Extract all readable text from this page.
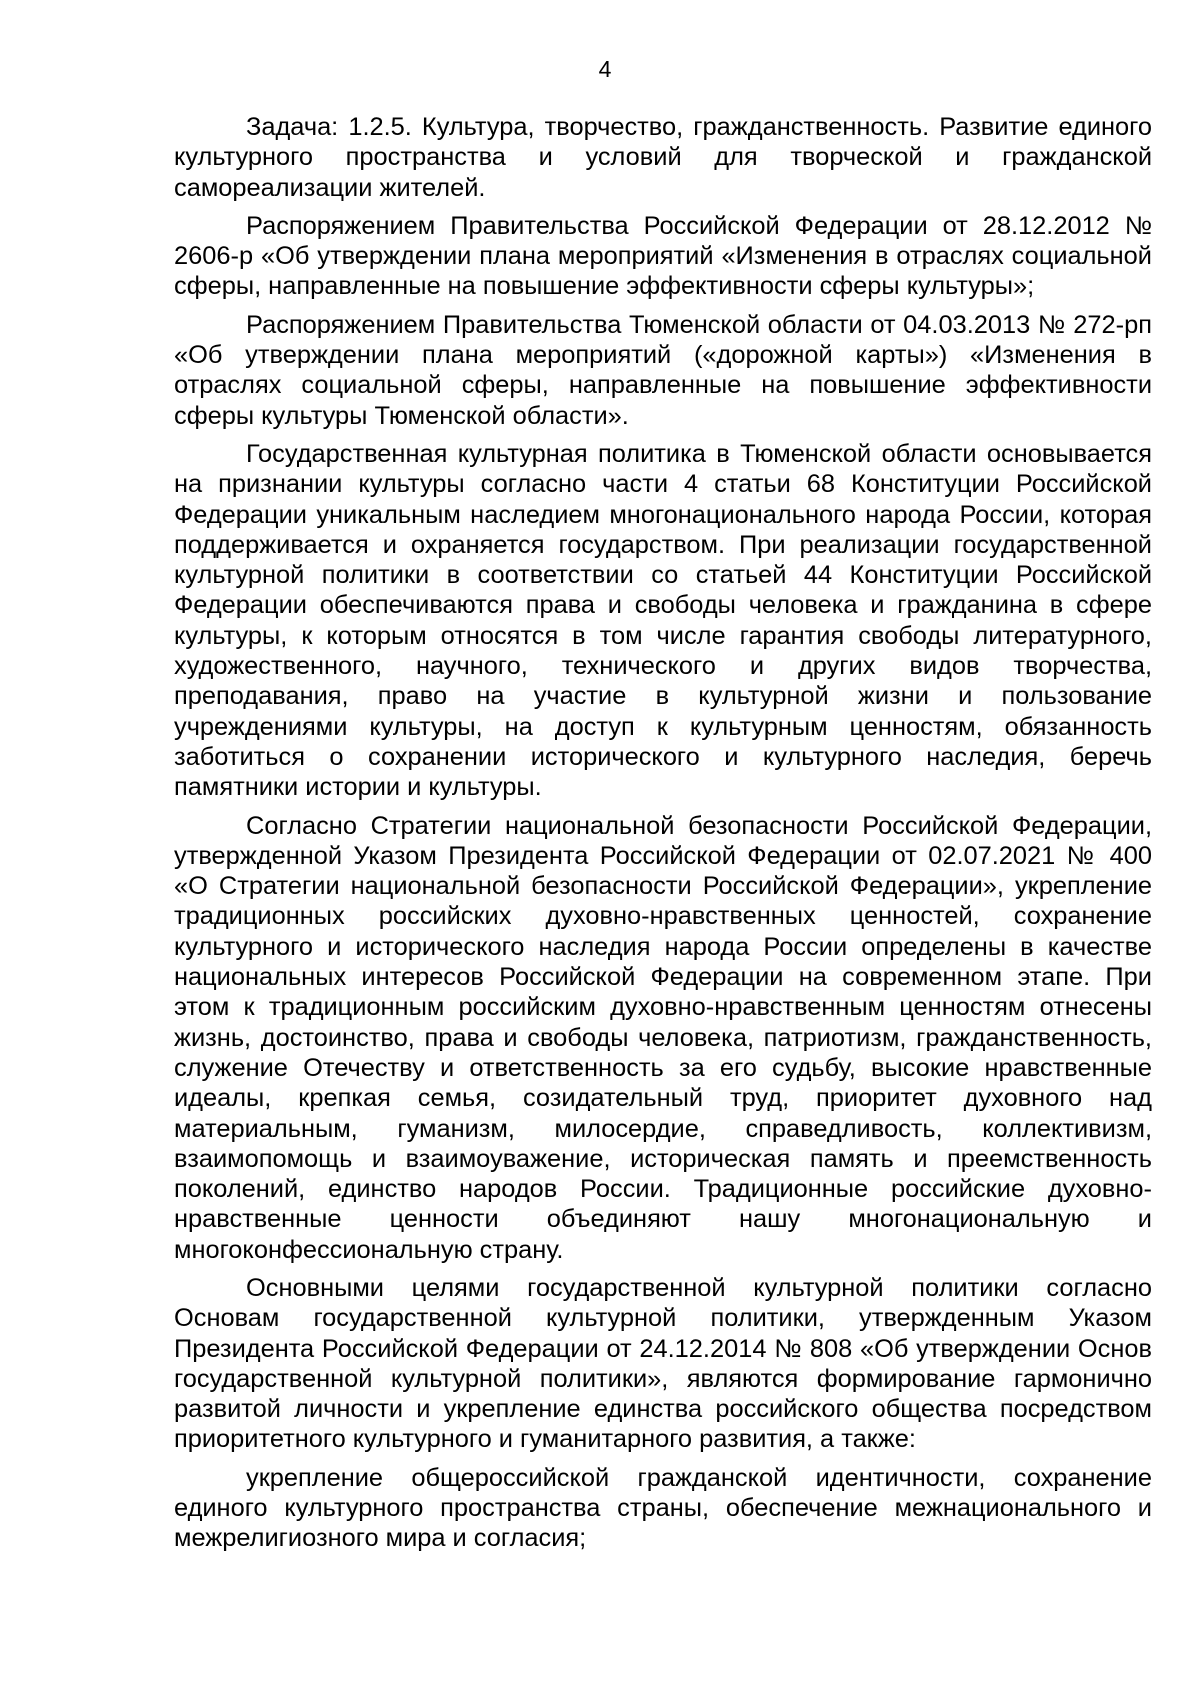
4

Задача: 1.2.5. Культура, творчество, гражданственность. Развитие единого культурного пространства и условий для творческой и гражданской самореализации жителей.

Распоряжением Правительства Российской Федерации от 28.12.2012 № 2606-р «Об утверждении плана мероприятий «Изменения в отраслях социальной сферы, направленные на повышение эффективности сферы культуры»;

Распоряжением Правительства Тюменской области от 04.03.2013 № 272-рп «Об утверждении плана мероприятий («дорожной карты») «Изменения в отраслях социальной сферы, направленные на повышение эффективности сферы культуры Тюменской области».

Государственная культурная политика в Тюменской области основывается на признании культуры согласно части 4 статьи 68 Конституции Российской Федерации уникальным наследием многонационального народа России, которая поддерживается и охраняется государством. При реализации государственной культурной политики в соответствии со статьей 44 Конституции Российской Федерации обеспечиваются права и свободы человека и гражданина в сфере культуры, к которым относятся в том числе гарантия свободы литературного, художественного, научного, технического и других видов творчества, преподавания, право на участие в культурной жизни и пользование учреждениями культуры, на доступ к культурным ценностям, обязанность заботиться о сохранении исторического и культурного наследия, беречь памятники истории и культуры.

Согласно Стратегии национальной безопасности Российской Федерации, утвержденной Указом Президента Российской Федерации от 02.07.2021 № 400 «О Стратегии национальной безопасности Российской Федерации», укрепление традиционных российских духовно-нравственных ценностей, сохранение культурного и исторического наследия народа России определены в качестве национальных интересов Российской Федерации на современном этапе. При этом к традиционным российским духовно-нравственным ценностям отнесены жизнь, достоинство, права и свободы человека, патриотизм, гражданственность, служение Отечеству и ответственность за его судьбу, высокие нравственные идеалы, крепкая семья, созидательный труд, приоритет духовного над материальным, гуманизм, милосердие, справедливость, коллективизм, взаимопомощь и взаимоуважение, историческая память и преемственность поколений, единство народов России. Традиционные российские духовно-нравственные ценности объединяют нашу многонациональную и многоконфессиональную страну.

Основными целями государственной культурной политики согласно Основам государственной культурной политики, утвержденным Указом Президента Российской Федерации от 24.12.2014 № 808 «Об утверждении Основ государственной культурной политики», являются формирование гармонично развитой личности и укрепление единства российского общества посредством приоритетного культурного и гуманитарного развития, а также:

укрепление общероссийской гражданской идентичности, сохранение единого культурного пространства страны, обеспечение межнационального и межрелигиозного мира и согласия;
